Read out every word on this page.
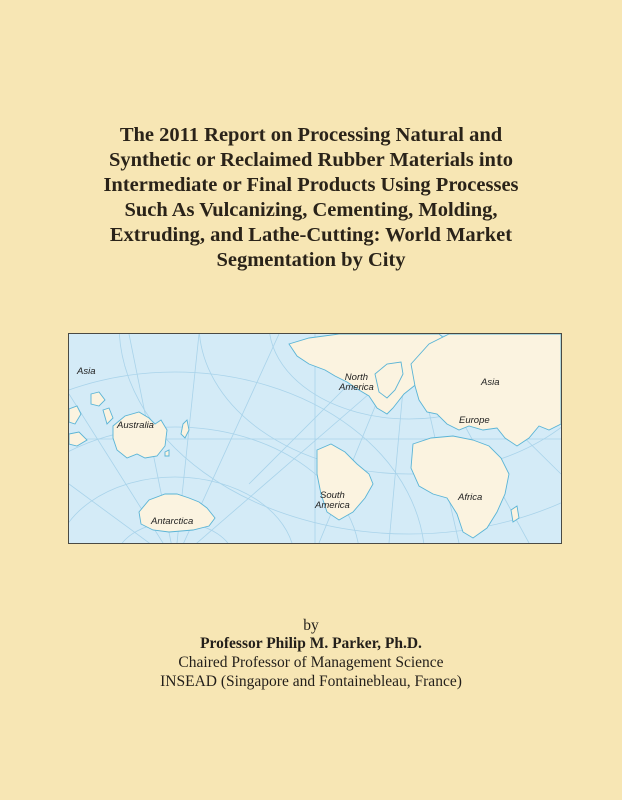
The 2011 Report on Processing Natural and
Synthetic or Reclaimed Rubber Materials into
Intermediate or Final Products Using Processes
Such As Vulcanizing, Cementing, Molding,
Extruding, and Lathe-Cutting: World Market
Segmentation by City
Asia
Australia
Antarctica
North
America	Asia
Europe
South
America
Africa
by
Professor Philip M. Parker, Ph.D.
Chaired Professor of Management Science
INSEAD (Singapore and Fontainebleau, France)
